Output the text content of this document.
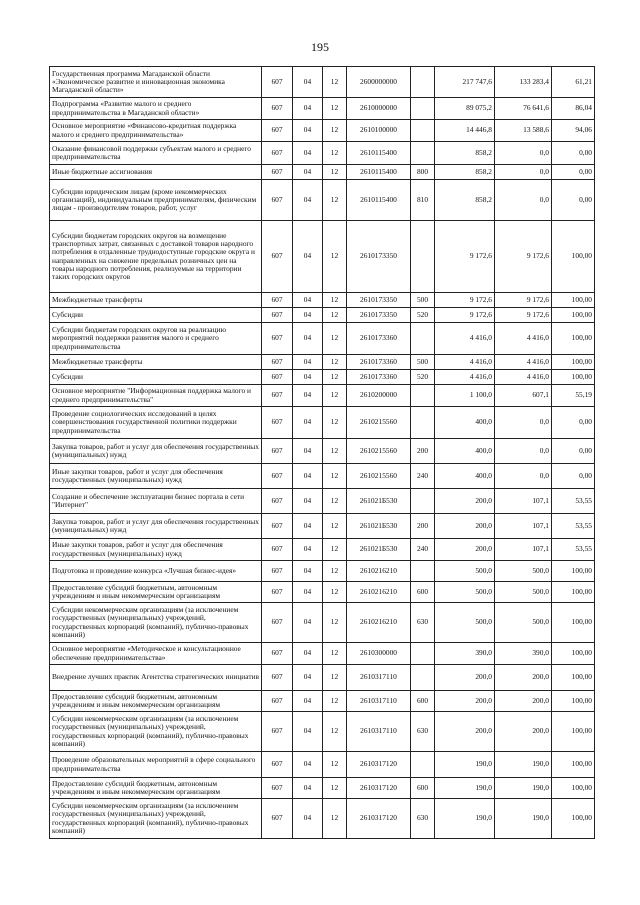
195
Государственная программа Магаданской области «Экономическое развитие и инновационная экономика Магаданской области»	607	04	12	2600000000		217 747,6	133 283,4	61,21
Подпрограмма «Развитие малого и среднего предпринимательства в Магаданской области»	607	04	12	2610000000		89 075,2	76 641,6	86,04
Основное мероприятие «Финансово-кредитная поддержка малого и среднего предпринимательства»	607	04	12	2610100000		14 446,8	13 588,6	94,06
Оказание финансовой поддержки субъектам малого и среднего предпринимательства	607	04	12	2610115400		858,2	0,0	0,00
Иные бюджетные ассигнования	607	04	12	2610115400	800	858,2	0,0	0,00
Субсидии юридическим лицам (кроме некоммерческих организаций), индивидуальным предпринимателям, физическим лицам - производителям товаров, работ, услуг	607	04	12	2610115400	810	858,2	0,0	0,00
Субсидии бюджетам городских округов на возмещение транспортных затрат, связанных с доставкой товаров народного потребления в отдаленные труднодоступные городские округа и направленных на снижение предельных розничных цен на товары народного потребления, реализуемые на территории таких городских округов	607	04	12	2610173350		9 172,6	9 172,6	100,00
Межбюджетные трансферты	607	04	12	2610173350	500	9 172,6	9 172,6	100,00
Субсидии	607	04	12	2610173350	520	9 172,6	9 172,6	100,00
Субсидии бюджетам городских округов на реализацию мероприятий поддержки развития малого и среднего предпринимательства	607	04	12	2610173360		4 416,0	4 416,0	100,00
Межбюджетные трансферты	607	04	12	2610173360	500	4 416,0	4 416,0	100,00
Субсидии	607	04	12	2610173360	520	4 416,0	4 416,0	100,00
Основное мероприятие "Информационная поддержка малого и среднего предпринимательства"	607	04	12	2610200000		1 100,0	607,1	55,19
Проведение социологических исследований в целях совершенствования государственной политики поддержки предпринимательства	607	04	12	2610215560		400,0	0,0	0,00
Закупка товаров, работ и услуг для обеспечения государственных (муниципальных) нужд	607	04	12	2610215560	200	400,0	0,0	0,00
Иные закупки товаров, работ и услуг для обеспечения государственных (муниципальных) нужд	607	04	12	2610215560	240	400,0	0,0	0,00
Создание и обеспечение эксплуатации бизнес портала в сети "Интернет"	607	04	12	261021Б530		200,0	107,1	53,55
Закупка товаров, работ и услуг для обеспечения государственных (муниципальных) нужд	607	04	12	261021Б530	200	200,0	107,1	53,55
Иные закупки товаров, работ и услуг для обеспечения государственных (муниципальных) нужд	607	04	12	261021Б530	240	200,0	107,1	53,55
Подготовка и проведение конкурса «Лучшая бизнес-идея»	607	04	12	2610216210		500,0	500,0	100,00
Предоставление субсидий бюджетным, автономным учреждениям и иным некоммерческим организациям	607	04	12	2610216210	600	500,0	500,0	100,00
Субсидии некоммерческим организациям (за исключением государственных (муниципальных) учреждений, государственных корпораций (компаний), публично-правовых компаний)	607	04	12	2610216210	630	500,0	500,0	100,00
Основное мероприятие «Методическое и консультационное обеспечение предпринимательства»	607	04	12	2610300000		390,0	390,0	100,00
Внедрение лучших практик Агентства стратегических инициатив	607	04	12	2610317110		200,0	200,0	100,00
Предоставление субсидий бюджетным, автономным учреждениям и иным некоммерческим организациям	607	04	12	2610317110	600	200,0	200,0	100,00
Субсидии некоммерческим организациям (за исключением государственных (муниципальных) учреждений, государственных корпораций (компаний), публично-правовых компаний)	607	04	12	2610317110	630	200,0	200,0	100,00
Проведение образовательных мероприятий в сфере социального предпринимательства	607	04	12	2610317120		190,0	190,0	100,00
Предоставление субсидий бюджетным, автономным учреждениям и иным некоммерческим организациям	607	04	12	2610317120	600	190,0	190,0	100,00
Субсидии некоммерческим организациям (за исключением государственных (муниципальных) учреждений, государственных корпораций (компаний), публично-правовых компаний)	607	04	12	2610317120	630	190,0	190,0	100,00
